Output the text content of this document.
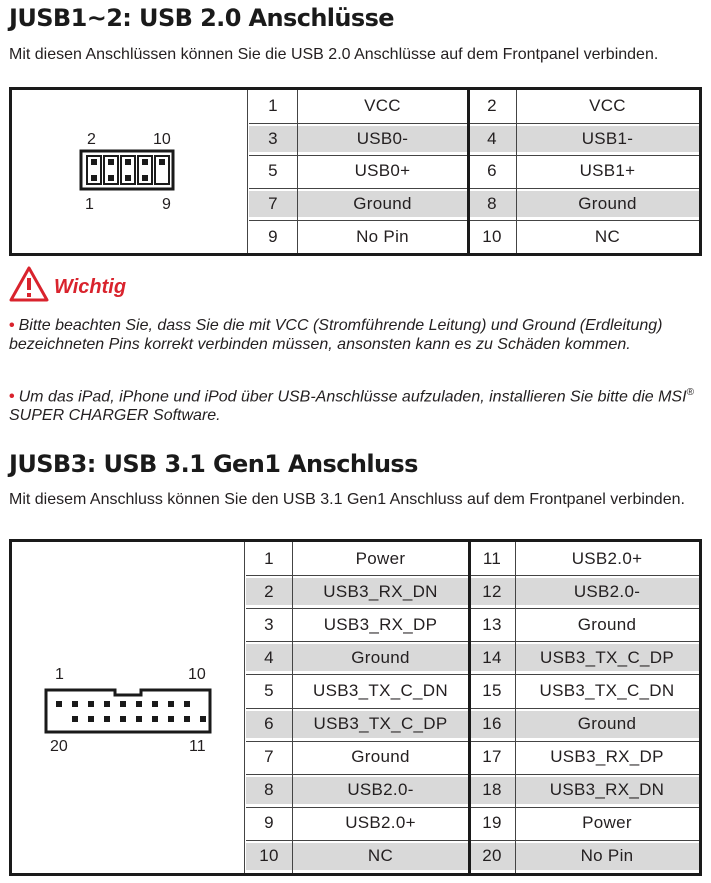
JUSB1~2: USB 2.0 Anschlüsse
Mit diesen Anschlüssen können Sie die USB 2.0 Anschlüsse auf dem Frontpanel verbinden.
2	10
1	9
1	VCC	2	VCC
3	USB0-	4	USB1-
5	USB0+	6	USB1+
7	Ground	8	Ground
9	No Pin	10	NC
Wichtig
• Bitte beachten Sie, dass Sie die mit VCC (Stromführende Leitung) und Ground (Erdleitung) bezeichneten Pins korrekt verbinden müssen, ansonsten kann es zu Schäden kommen.
• Um das iPad, iPhone und iPod über USB-Anschlüsse aufzuladen, installieren Sie bitte die MSI® SUPER CHARGER Software.
JUSB3: USB 3.1 Gen1 Anschluss
Mit diesem Anschluss können Sie den USB 3.1 Gen1 Anschluss auf dem Frontpanel verbinden.
1	10
20	11
1	Power	11	USB2.0+
2	USB3_RX_DN	12	USB2.0-
3	USB3_RX_DP	13	Ground
4	Ground	14	USB3_TX_C_DP
5	USB3_TX_C_DN	15	USB3_TX_C_DN
6	USB3_TX_C_DP	16	Ground
7	Ground	17	USB3_RX_DP
8	USB2.0-	18	USB3_RX_DN
9	USB2.0+	19	Power
10	NC	20	No Pin
